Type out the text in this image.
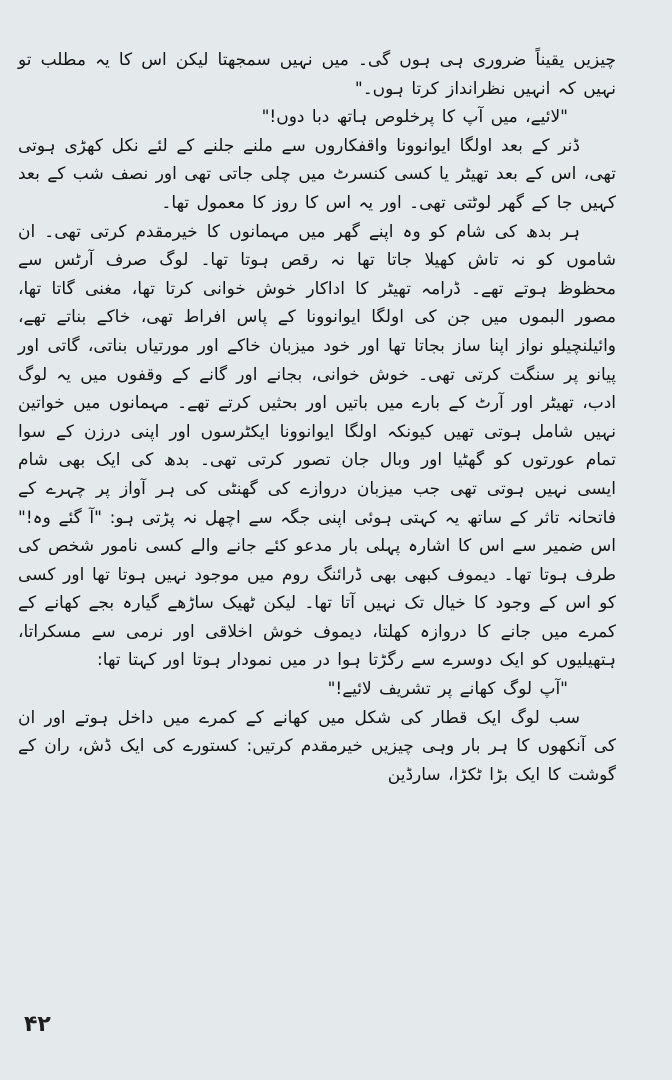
چیزیں یقیناً ضروری ہی ہوں گی۔ میں نہیں سمجھتا لیکن اس کا یہ مطلب تو نہیں کہ انہیں نظرانداز کرتا ہوں۔"

"لائیے، میں آپ کا پرخلوص ہاتھ دبا دوں!"

ڈنر کے بعد اولگا ایوانوونا واقفکاروں سے ملنے جلنے کے لئے نکل کھڑی ہوتی تھی، اس کے بعد تھیٹر یا کسی کنسرٹ میں چلی جاتی تھی اور نصف شب کے بعد کہیں جا کے گھر لوٹتی تھی۔ اور یہ اس کا روز کا معمول تھا۔

ہر بدھ کی شام کو وہ اپنے گھر میں مہمانوں کا خیرمقدم کرتی تھی۔ ان شاموں کو نہ تاش کھیلا جاتا تھا نہ رقص ہوتا تھا۔ لوگ صرف آرٹس سے محظوظ ہوتے تھے۔ ڈرامہ تھیٹر کا اداکار خوش خوانی کرتا تھا، مغنی گاتا تھا، مصور البموں میں جن کی اولگا ایوانوونا کے پاس افراط تھی، خاکے بناتے تھے، وائیلنچیلو نواز اپنا ساز بجاتا تھا اور خود میزبان خاکے اور مورتیاں بناتی، گاتی اور پیانو پر سنگت کرتی تھی۔ خوش خوانی، بجانے اور گانے کے وقفوں میں یہ لوگ ادب، تھیٹر اور آرٹ کے بارے میں باتیں اور بحثیں کرتے تھے۔ مہمانوں میں خواتین نہیں شامل ہوتی تھیں کیونکہ اولگا ایوانوونا ایکٹرسوں اور اپنی درزن کے سوا تمام عورتوں کو گھٹیا اور وبال جان تصور کرتی تھی۔ بدھ کی ایک بھی شام ایسی نہیں ہوتی تھی جب میزبان دروازے کی گھنٹی کی ہر آواز پر چہرے کے فاتحانہ تاثر کے ساتھ یہ کہتی ہوئی اپنی جگہ سے اچھل نہ پڑتی ہو: "آ گئے وہ!" اس ضمیر سے اس کا اشارہ پہلی بار مدعو کئے جانے والے کسی نامور شخص کی طرف ہوتا تھا۔ دیموف کبھی بھی ڈرائنگ روم میں موجود نہیں ہوتا تھا اور کسی کو اس کے وجود کا خیال تک نہیں آتا تھا۔ لیکن ٹھیک ساڑھے گیارہ بجے کھانے کے کمرے میں جانے کا دروازہ کھلتا، دیموف خوش اخلاقی اور نرمی سے مسکراتا، ہتھیلیوں کو ایک دوسرے سے رگڑتا ہوا در میں نمودار ہوتا اور کہتا تھا:

"آپ لوگ کھانے پر تشریف لائیے!"

سب لوگ ایک قطار کی شکل میں کھانے کے کمرے میں داخل ہوتے اور ان کی آنکھوں کا ہر بار وہی چیزیں خیرمقدم کرتیں: کستورے کی ایک ڈش، ران کے گوشت کا ایک بڑا ٹکڑا، سارڈین

۴۲
